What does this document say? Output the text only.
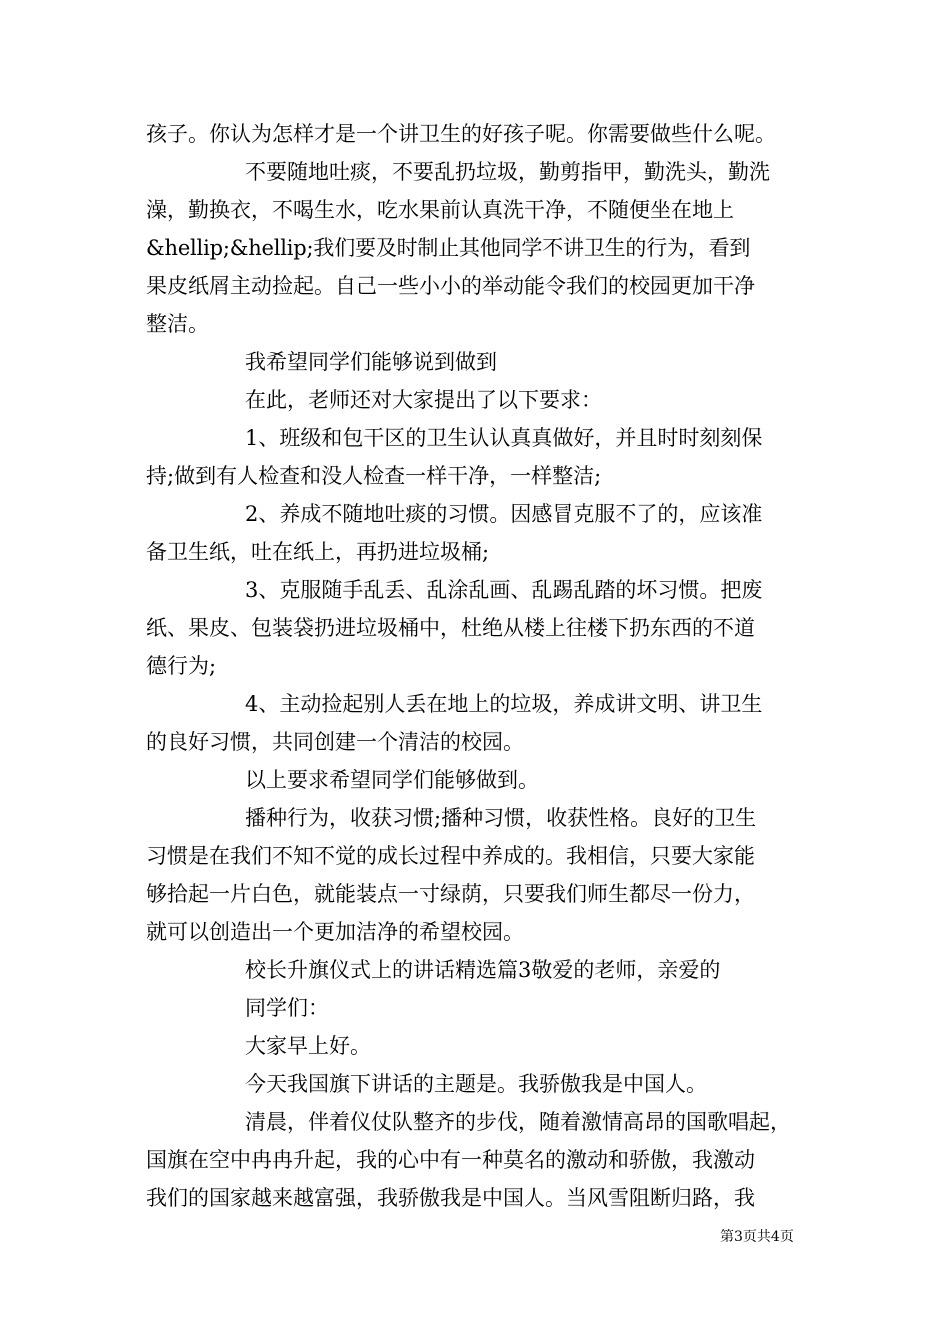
孩子。你认为怎样才是一个讲卫生的好孩子呢。你需要做些什么呢。

不要随地吐痰，不要乱扔垃圾，勤剪指甲，勤洗头，勤洗

澡，勤换衣，不喝生水，吃水果前认真洗干净，不随便坐在地上

&hellip;&hellip;我们要及时制止其他同学不讲卫生的行为，看到

果皮纸屑主动捡起。自己一些小小的举动能令我们的校园更加干净

整洁。

我希望同学们能够说到做到

在此，老师还对大家提出了以下要求：

1、班级和包干区的卫生认认真真做好，并且时时刻刻保

持;做到有人检查和没人检查一样干净，一样整洁;

2、养成不随地吐痰的习惯。因感冒克服不了的，应该准

备卫生纸，吐在纸上，再扔进垃圾桶;

3、克服随手乱丢、乱涂乱画、乱踢乱踏的坏习惯。把废

纸、果皮、包装袋扔进垃圾桶中，杜绝从楼上往楼下扔东西的不道

德行为;

4、主动捡起别人丢在地上的垃圾，养成讲文明、讲卫生

的良好习惯，共同创建一个清洁的校园。

以上要求希望同学们能够做到。

播种行为，收获习惯;播种习惯，收获性格。良好的卫生

习惯是在我们不知不觉的成长过程中养成的。我相信，只要大家能

够拾起一片白色，就能装点一寸绿荫，只要我们师生都尽一份力，

就可以创造出一个更加洁净的希望校园。

校长升旗仪式上的讲话精选篇3敬爱的老师，亲爱的

同学们：

大家早上好。

今天我国旗下讲话的主题是。我骄傲我是中国人。

清晨，伴着仪仗队整齐的步伐，随着激情高昂的国歌唱起，

国旗在空中冉冉升起，我的心中有一种莫名的激动和骄傲，我激动

我们的国家越来越富强，我骄傲我是中国人。当风雪阻断归路，我

第3页共4页
